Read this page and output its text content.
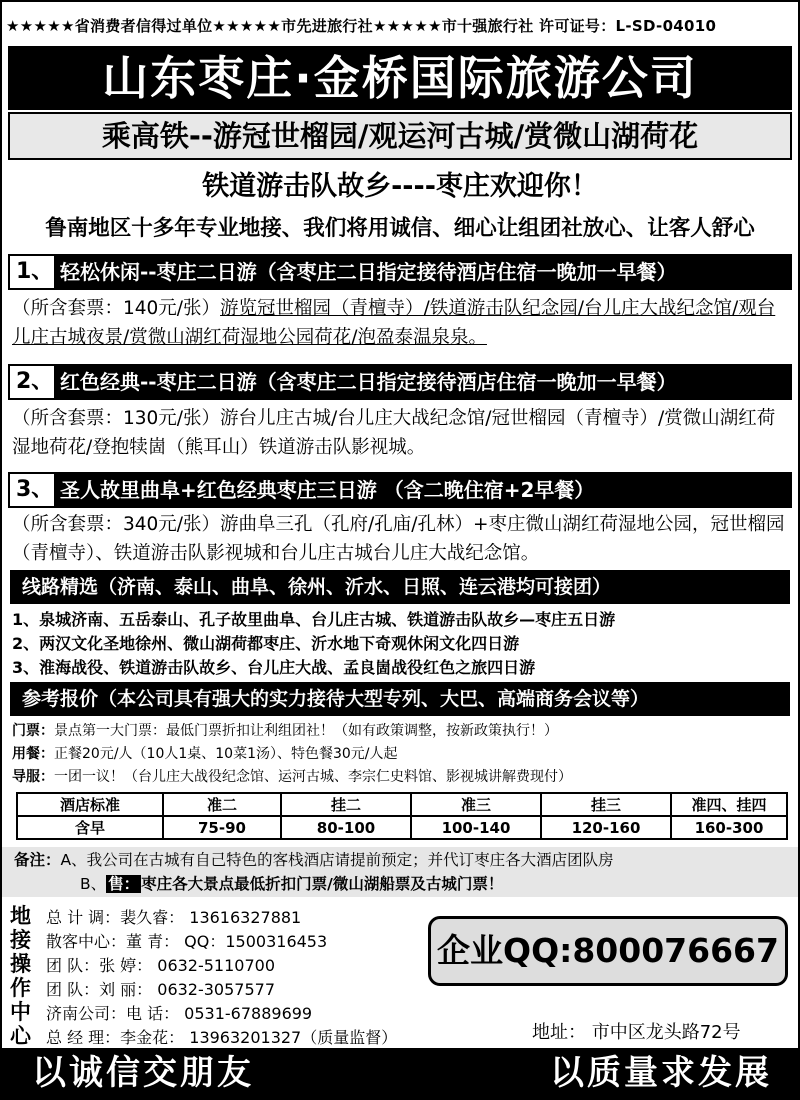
★★★★★省消费者信得过单位★★★★★市先进旅行社★★★★★市十强旅行社 许可证号：L-SD-04010
山东枣庄·金桥国际旅游公司
乘高铁--游冠世榴园/观运河古城/赏微山湖荷花
铁道游击队故乡----枣庄欢迎你！
鲁南地区十多年专业地接、我们将用诚信、细心让组团社放心、让客人舒心
1、 轻松休闲--枣庄二日游（含枣庄二日指定接待酒店住宿一晚加一早餐）
（所含套票：140元/张）游览冠世榴园（青檀寺）/铁道游击队纪念园/台儿庄大战纪念馆/观台儿庄古城夜景/赏微山湖红荷湿地公园荷花/泡盈泰温泉泉。
2、 红色经典--枣庄二日游（含枣庄二日指定接待酒店住宿一晚加一早餐）
（所含套票：130元/张）游台儿庄古城/台儿庄大战纪念馆/冠世榴园（青檀寺）/赏微山湖红荷湿地荷花/登抱犊崮（熊耳山）铁道游击队影视城。
3、 圣人故里曲阜+红色经典枣庄三日游 （含二晚住宿+2早餐）
（所含套票：340元/张）游曲阜三孔（孔府/孔庙/孔林）+枣庄微山湖红荷湿地公园，冠世榴园（青檀寺）、铁道游击队影视城和台儿庄古城台儿庄大战纪念馆。
线路精选（济南、泰山、曲阜、徐州、沂水、日照、连云港均可接团）
1、泉城济南、五岳泰山、孔子故里曲阜、台儿庄古城、铁道游击队故乡—枣庄五日游
2、两汉文化圣地徐州、微山湖荷都枣庄、沂水地下奇观休闲文化四日游
3、淮海战役、铁道游击队故乡、台儿庄大战、孟良崮战役红色之旅四日游
参考报价（本公司具有强大的实力接待大型专列、大巴、高端商务会议等）
门票：景点第一大门票：最低门票折扣让利组团社！（如有政策调整，按新政策执行！）
用餐：正餐20元/人（10人1桌、10菜1汤）、特色餐30元/人起
导服：一团一议！（台儿庄大战役纪念馆、运河古城、李宗仁史料馆、影视城讲解费现付）
酒店标准	准二	挂二	准三	挂三	准四、挂四
含早	75-90	80-100	100-140	120-160	160-300
备注：A、我公司在古城有自己特色的客栈酒店请提前预定；并代订枣庄各大酒店团队房
B、 售： 枣庄各大景点最低折扣门票/微山湖船票及古城门票！
地
接
操
作
中
心
总 计 调：裴久睿： 13616327881
散客中心：董 青： QQ：1500316453
团 队：张 婷： 0632-5110700
团 队：刘 丽： 0632-3057577
济南公司：电 话： 0531-67889699
总 经 理：李金花： 13963201327（质量监督）
企业QQ:800076667
地址： 市中区龙头路72号
以诚信交朋友	以质量求发展
